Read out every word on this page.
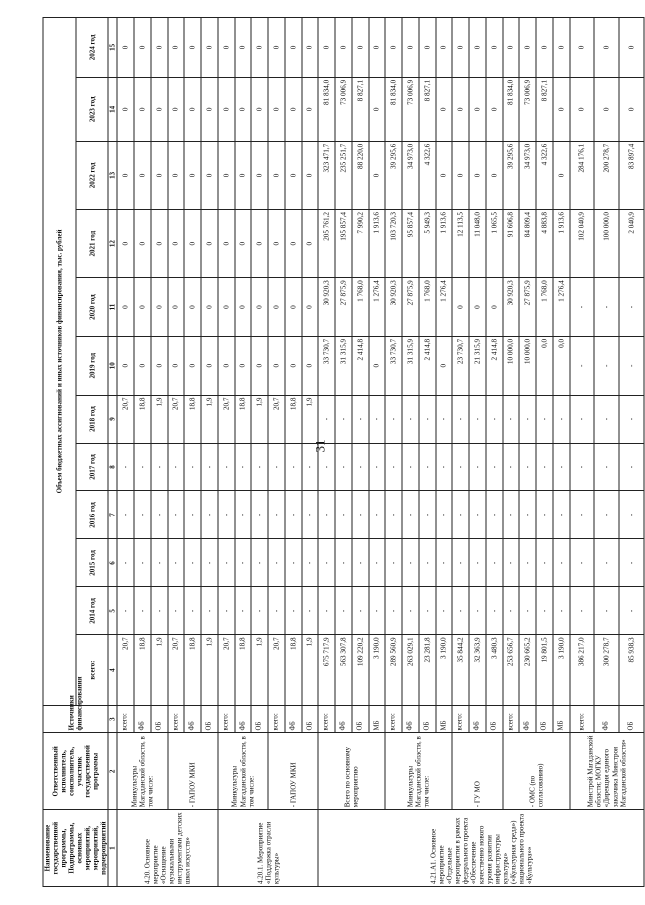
31
Наименование государственной программы, Подпрограммы, основных мероприятий, мероприятий, подмероприятий	Ответственный исполнитель, соисполнитель, участник государственной программы	Источники финансирования	Объем бюджетных ассигнований и иных источников финансирования, тыс. рублей											
			всего:	2014 год	2015 год	2016 год	2017 год	2018 год	2019 год	2020 год	2021 год	2022 год	2023 год	2024 год
1	2	3	4	5	6	7	8	9	10	11	12	13	14	15
4.20. Основное мероприятие «Оснащение музыкальными инструментами детских школ искусств»	Минкультуры Магаданской области, в том числе:	всего:	20,7	-	-	-	-	20,7	0	0	0	0	0	0
		ФБ	18,8	-	-	-	-	18,8	0	0	0	0	0	0
		ОБ	1,9	-	-	-	-	1,9	0	0	0	0	0	0
	- ГАПОУ МКИ	всего:	20,7	-	-	-	-	20,7	0	0	0	0	0	0
		ФБ	18,8	-	-	-	-	18,8	0	0	0	0	0	0
		ОБ	1,9	-	-	-	-	1,9	0	0	0	0	0	0
4.20.1. Мероприятие «Поддержка отрасли культуры»	Минкультуры Магаданской области, в том числе:	всего:	20,7	-	-	-	-	20,7	0	0	0	0	0	0
		ФБ	18,8	-	-	-	-	18,8	0	0	0	0	0	0
		ОБ	1,9	-	-	-	-	1,9	0	0	0	0	0	0
	- ГАПОУ МКИ	всего:	20,7	-	-	-	-	20,7	0	0	0	0	0	0
		ФБ	18,8	-	-	-	-	18,8	0	0	0	0	0	0
		ОБ	1,9	-	-	-	-	1,9	0	0	0	0	0	0
4.21.А1. Основное мероприятие «Отдельные мероприятия в рамках федерального проекта «Обеспечение качественно нового уровня развития инфраструктуры культуры» («Культурная среда») национального проекта «Культура»»	Всего по основному мероприятию	всего:	675 717,9	-	-	-	-	-	33 730,7	30 920,3	205 761,2	323 471,7	81 834,0	0
		ФБ	563 307,8	-	-	-	-	-	31 315,9	27 875,9	195 857,4	235 251,7	73 006,9	0
		ОБ	109 220,2	-	-	-	-	-	2 414,8	1 768,0	7 990,2	88 220,0	8 827,1	0
		МБ	3 190,0	-	-	-	-	-	0	1 276,4	1 913,6	0	0	0
	Минкультуры Магаданской области, в том числе:	всего:	289 560,9	-	-	-	-	-	33 730,7	30 920,3	103 720,3	39 295,6	81 834,0	0
		ФБ	263 029,1	-	-	-	-	-	31 315,9	27 875,9	95 857,4	34 973,0	73 006,9	0
		ОБ	23 281,8	-	-	-	-	-	2 414,8	1 768,0	5 949,3	4 322,6	8 827,1	0
		МБ	3 190,0	-	-	-	-	-	0	1 276,4	1 913,6	0	0	0
	- ГУ МО	всего:	35 844,2	-	-	-	-	-	23 730,7	0	12 113,5	0	0	0
		ФБ	32 363,9	-	-	-	-	-	21 315,9	0	11 048,0	0	0	0
		ОБ	3 480,3	-	-	-	-	-	2 414,8	0	1 065,5	0	0	0
	- ОМС (по согласованию)	всего:	253 656,7	-	-	-	-	-	10 000,0	30 920,3	91 606,8	39 295,6	81 834,0	0
		ФБ	230 665,2	-	-	-	-	-	10 000,0	27 875,9	84 809,4	34 973,0	73 006,9	0
		ОБ	19 801,5	-	-	-	-	-	0,0	1 768,0	4 883,8	4 322,6	8 827,1	0
		МБ	3 190,0	-	-	-	-	-	0,0	1 276,4	1 913,6	0	0	0
	Минстрой Магаданской области; МОГКУ «Дирекция единого заказчика Минстроя Магаданской области»	всего:	386 217,0	-	-	-	-	-	-	-	102 040,9	284 176,1	0	0
		ФБ	300 278,7	-	-	-	-	-	-	-	100 000,0	200 278,7	0	0
		ОБ	85 938,3	-	-	-	-	-	-	-	2 040,9	83 897,4	0	0
